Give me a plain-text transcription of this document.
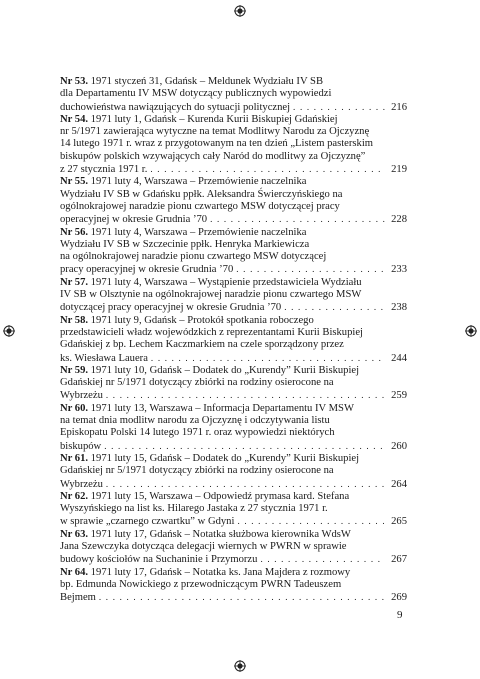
Nr 53.
1971 styczeń 31, Gdańsk – Meldunek Wydziału IV SB
dla Departamentu IV MSW dotyczący publicznych wypowiedzi
duchowieństwa nawiązujących do sytuacji politycznej . . .	216
Nr 54.
1971 luty 1, Gdańsk – Kurenda Kurii Biskupiej Gdańskiej
nr 5/1971 zawierająca wytyczne na temat Modlitwy Narodu za Ojczyznę
14 lutego 1971 r. wraz z przygotowanym na ten dzień „Listem pasterskim
biskupów polskich wzywających cały Naród do modlitwy za Ojczyznę”
z 27 stycznia 1971 r. . . .	219
Nr 55.
1971 luty 4, Warszawa – Przemówienie naczelnika
Wydziału IV SB w Gdańsku ppłk. Aleksandra Świerczyńskiego na
ogólnokrajowej naradzie pionu czwartego MSW dotyczącej pracy
operacyjnej w okresie Grudnia ’70 . . .	228
Nr 56.
1971 luty 4, Warszawa – Przemówienie naczelnika
Wydziału IV SB w Szczecinie ppłk. Henryka Markiewicza
na ogólnokrajowej naradzie pionu czwartego MSW dotyczącej
pracy operacyjnej w okresie Grudnia ’70 . . .	233
Nr 57.
1971 luty 4, Warszawa – Wystąpienie przedstawiciela Wydziału
IV SB w Olsztynie na ogólnokrajowej naradzie pionu czwartego MSW
dotyczącej pracy operacyjnej w okresie Grudnia ’70 . . .	238
Nr 58.
1971 luty 9, Gdańsk – Protokół spotkania roboczego
przedstawicieli władz wojewódzkich z reprezentantami Kurii Biskupiej
Gdańskiej z bp. Lechem Kaczmarkiem na czele sporządzony przez
ks. Wiesława Lauera . . .	244
Nr 59.
1971 luty 10, Gdańsk – Dodatek do „Kurendy” Kurii Biskupiej
Gdańskiej nr 5/1971 dotyczący zbiórki na rodziny osierocone na
Wybrzeżu . . .	259
Nr 60.
1971 luty 13, Warszawa – Informacja Departamentu IV MSW
na temat dnia modlitw narodu za Ojczyznę i odczytywania listu
Episkopatu Polski 14 lutego 1971 r. oraz wypowiedzi niektórych
biskupów . . .	260
Nr 61.
1971 luty 15, Gdańsk – Dodatek do „Kurendy” Kurii Biskupiej
Gdańskiej nr 5/1971 dotyczący zbiórki na rodziny osierocone na
Wybrzeżu . . .	264
Nr 62.
1971 luty 15, Warszawa – Odpowiedź prymasa kard. Stefana
Wyszyńskiego na list ks. Hilarego Jastaka z 27 stycznia 1971 r.
w sprawie „czarnego czwartku” w Gdyni . . .	265
Nr 63.
1971 luty 17, Gdańsk – Notatka służbowa kierownika WdsW
Jana Szewczyka dotycząca delegacji wiernych w PWRN w sprawie
budowy kościołów na Suchaninie i Przymorzu . . .	267
Nr 64.
1971 luty 17, Gdańsk – Notatka ks. Jana Majdera z rozmowy
bp. Edmunda Nowickiego z przewodniczącym PWRN Tadeuszem
Bejmem . . .	269
9
